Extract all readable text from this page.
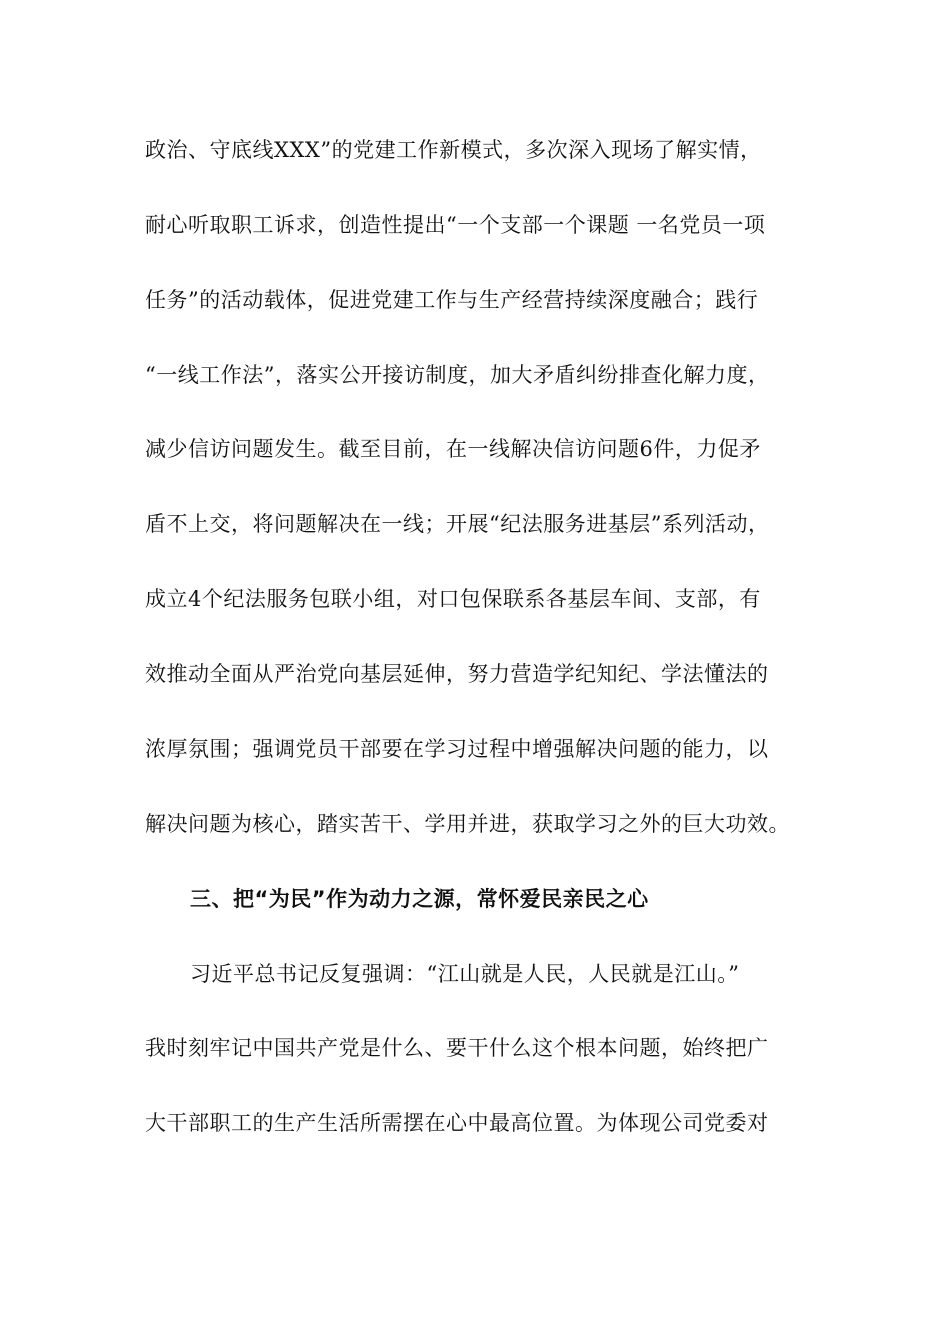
政治、守底线XXX”的党建工作新模式，多次深入现场了解实情，
耐心听取职工诉求，创造性提出“一个支部一个课题 一名党员一项
任务”的活动载体，促进党建工作与生产经营持续深度融合；践行
“一线工作法”，落实公开接访制度，加大矛盾纠纷排查化解力度，
减少信访问题发生。截至目前，在一线解决信访问题6件，力促矛
盾不上交，将问题解决在一线；开展“纪法服务进基层”系列活动，
成立4个纪法服务包联小组，对口包保联系各基层车间、支部，有
效推动全面从严治党向基层延伸，努力营造学纪知纪、学法懂法的
浓厚氛围；强调党员干部要在学习过程中增强解决问题的能力，以
解决问题为核心，踏实苦干、学用并进，获取学习之外的巨大功效。
三、把“为民”作为动力之源，常怀爱民亲民之心
习近平总书记反复强调：“江山就是人民，人民就是江山。”
我时刻牢记中国共产党是什么、要干什么这个根本问题，始终把广
大干部职工的生产生活所需摆在心中最高位置。为体现公司党委对
